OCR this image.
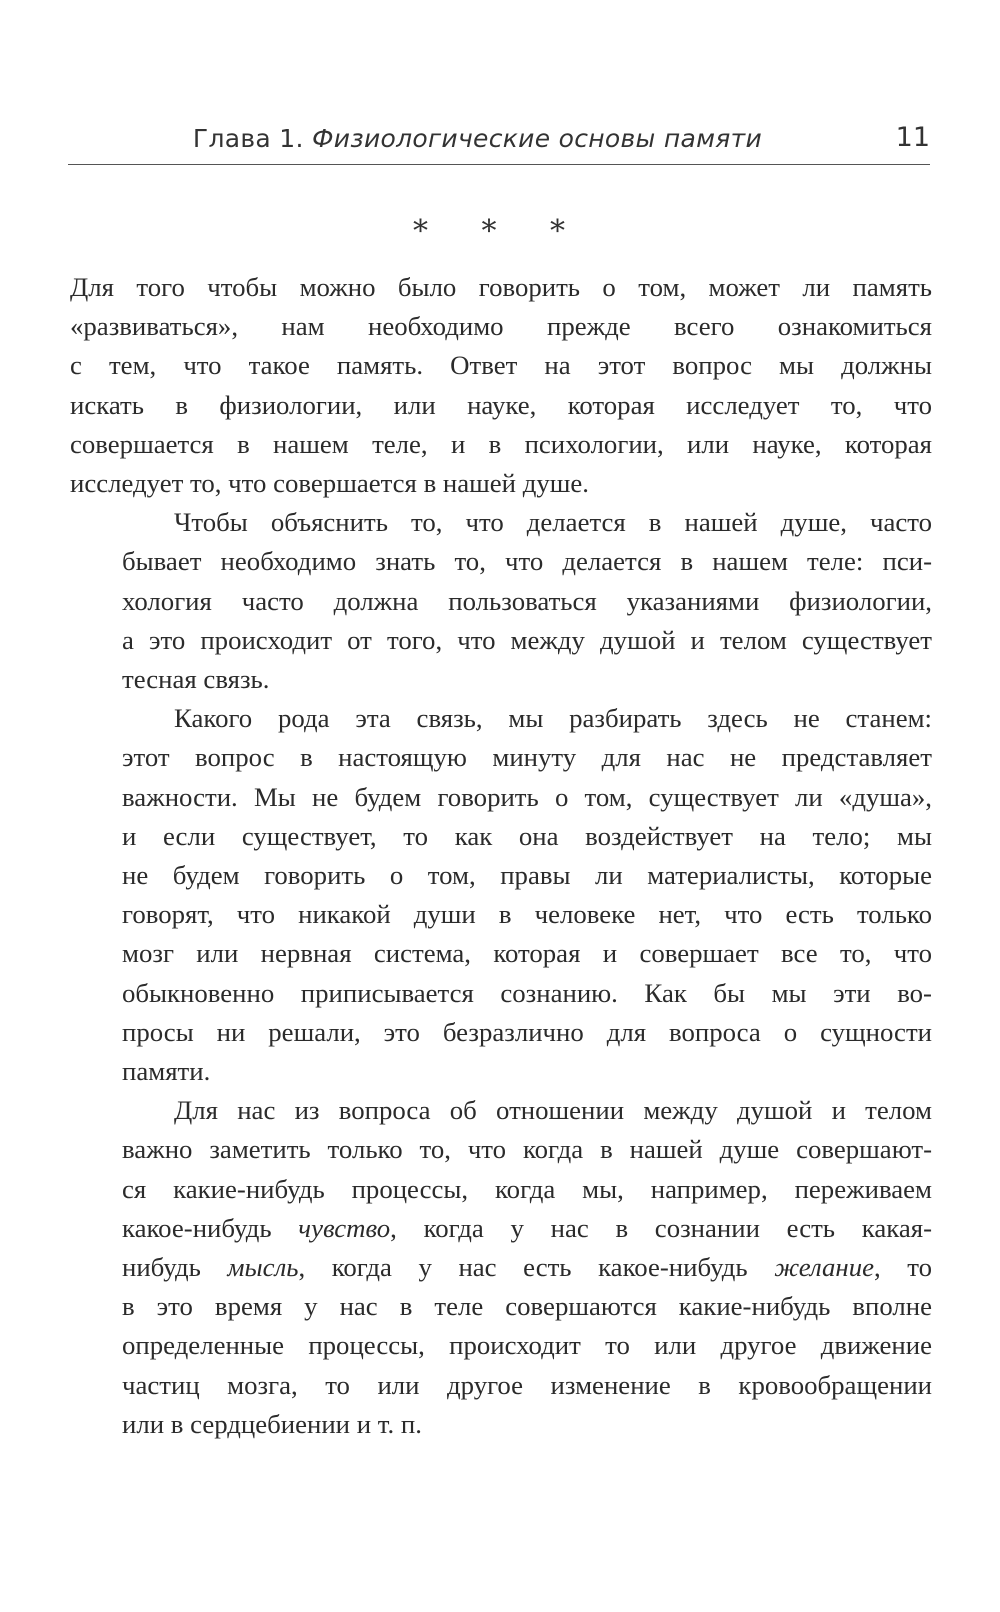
Глава 1. Физиологические основы памяти	11
* * *

Для того чтобы можно было говорить о том, может ли память
«развиваться», нам необходимо прежде всего ознакомиться
с тем, что такое память. Ответ на этот вопрос мы должны
искать в физиологии, или науке, которая исследует то, что
совершается в нашем теле, и в психологии, или науке, которая
исследует то, что совершается в нашей душе.

Чтобы объяснить то, что делается в нашей душе, часто
бывает необходимо знать то, что делается в нашем теле: пси-
хология часто должна пользоваться указаниями физиологии,
а это происходит от того, что между душой и телом существует
тесная связь.

Какого рода эта связь, мы разбирать здесь не станем:
этот вопрос в настоящую минуту для нас не представляет
важности. Мы не будем говорить о том, существует ли «душа»,
и если существует, то как она воздействует на тело; мы
не будем говорить о том, правы ли материалисты, которые
говорят, что никакой души в человеке нет, что есть только
мозг или нервная система, которая и совершает все то, что
обыкновенно приписывается сознанию. Как бы мы эти во-
просы ни решали, это безразлично для вопроса о сущности
памяти.

Для нас из вопроса об отношении между душой и телом
важно заметить только то, что когда в нашей душе совершают-
ся какие-нибудь процессы, когда мы, например, переживаем
какое-нибудь чувство, когда у нас в сознании есть какая-
нибудь мысль, когда у нас есть какое-нибудь желание, то
в это время у нас в теле совершаются какие-нибудь вполне
определенные процессы, происходит то или другое движение
частиц мозга, то или другое изменение в кровообращении
или в сердцебиении и т. п.
